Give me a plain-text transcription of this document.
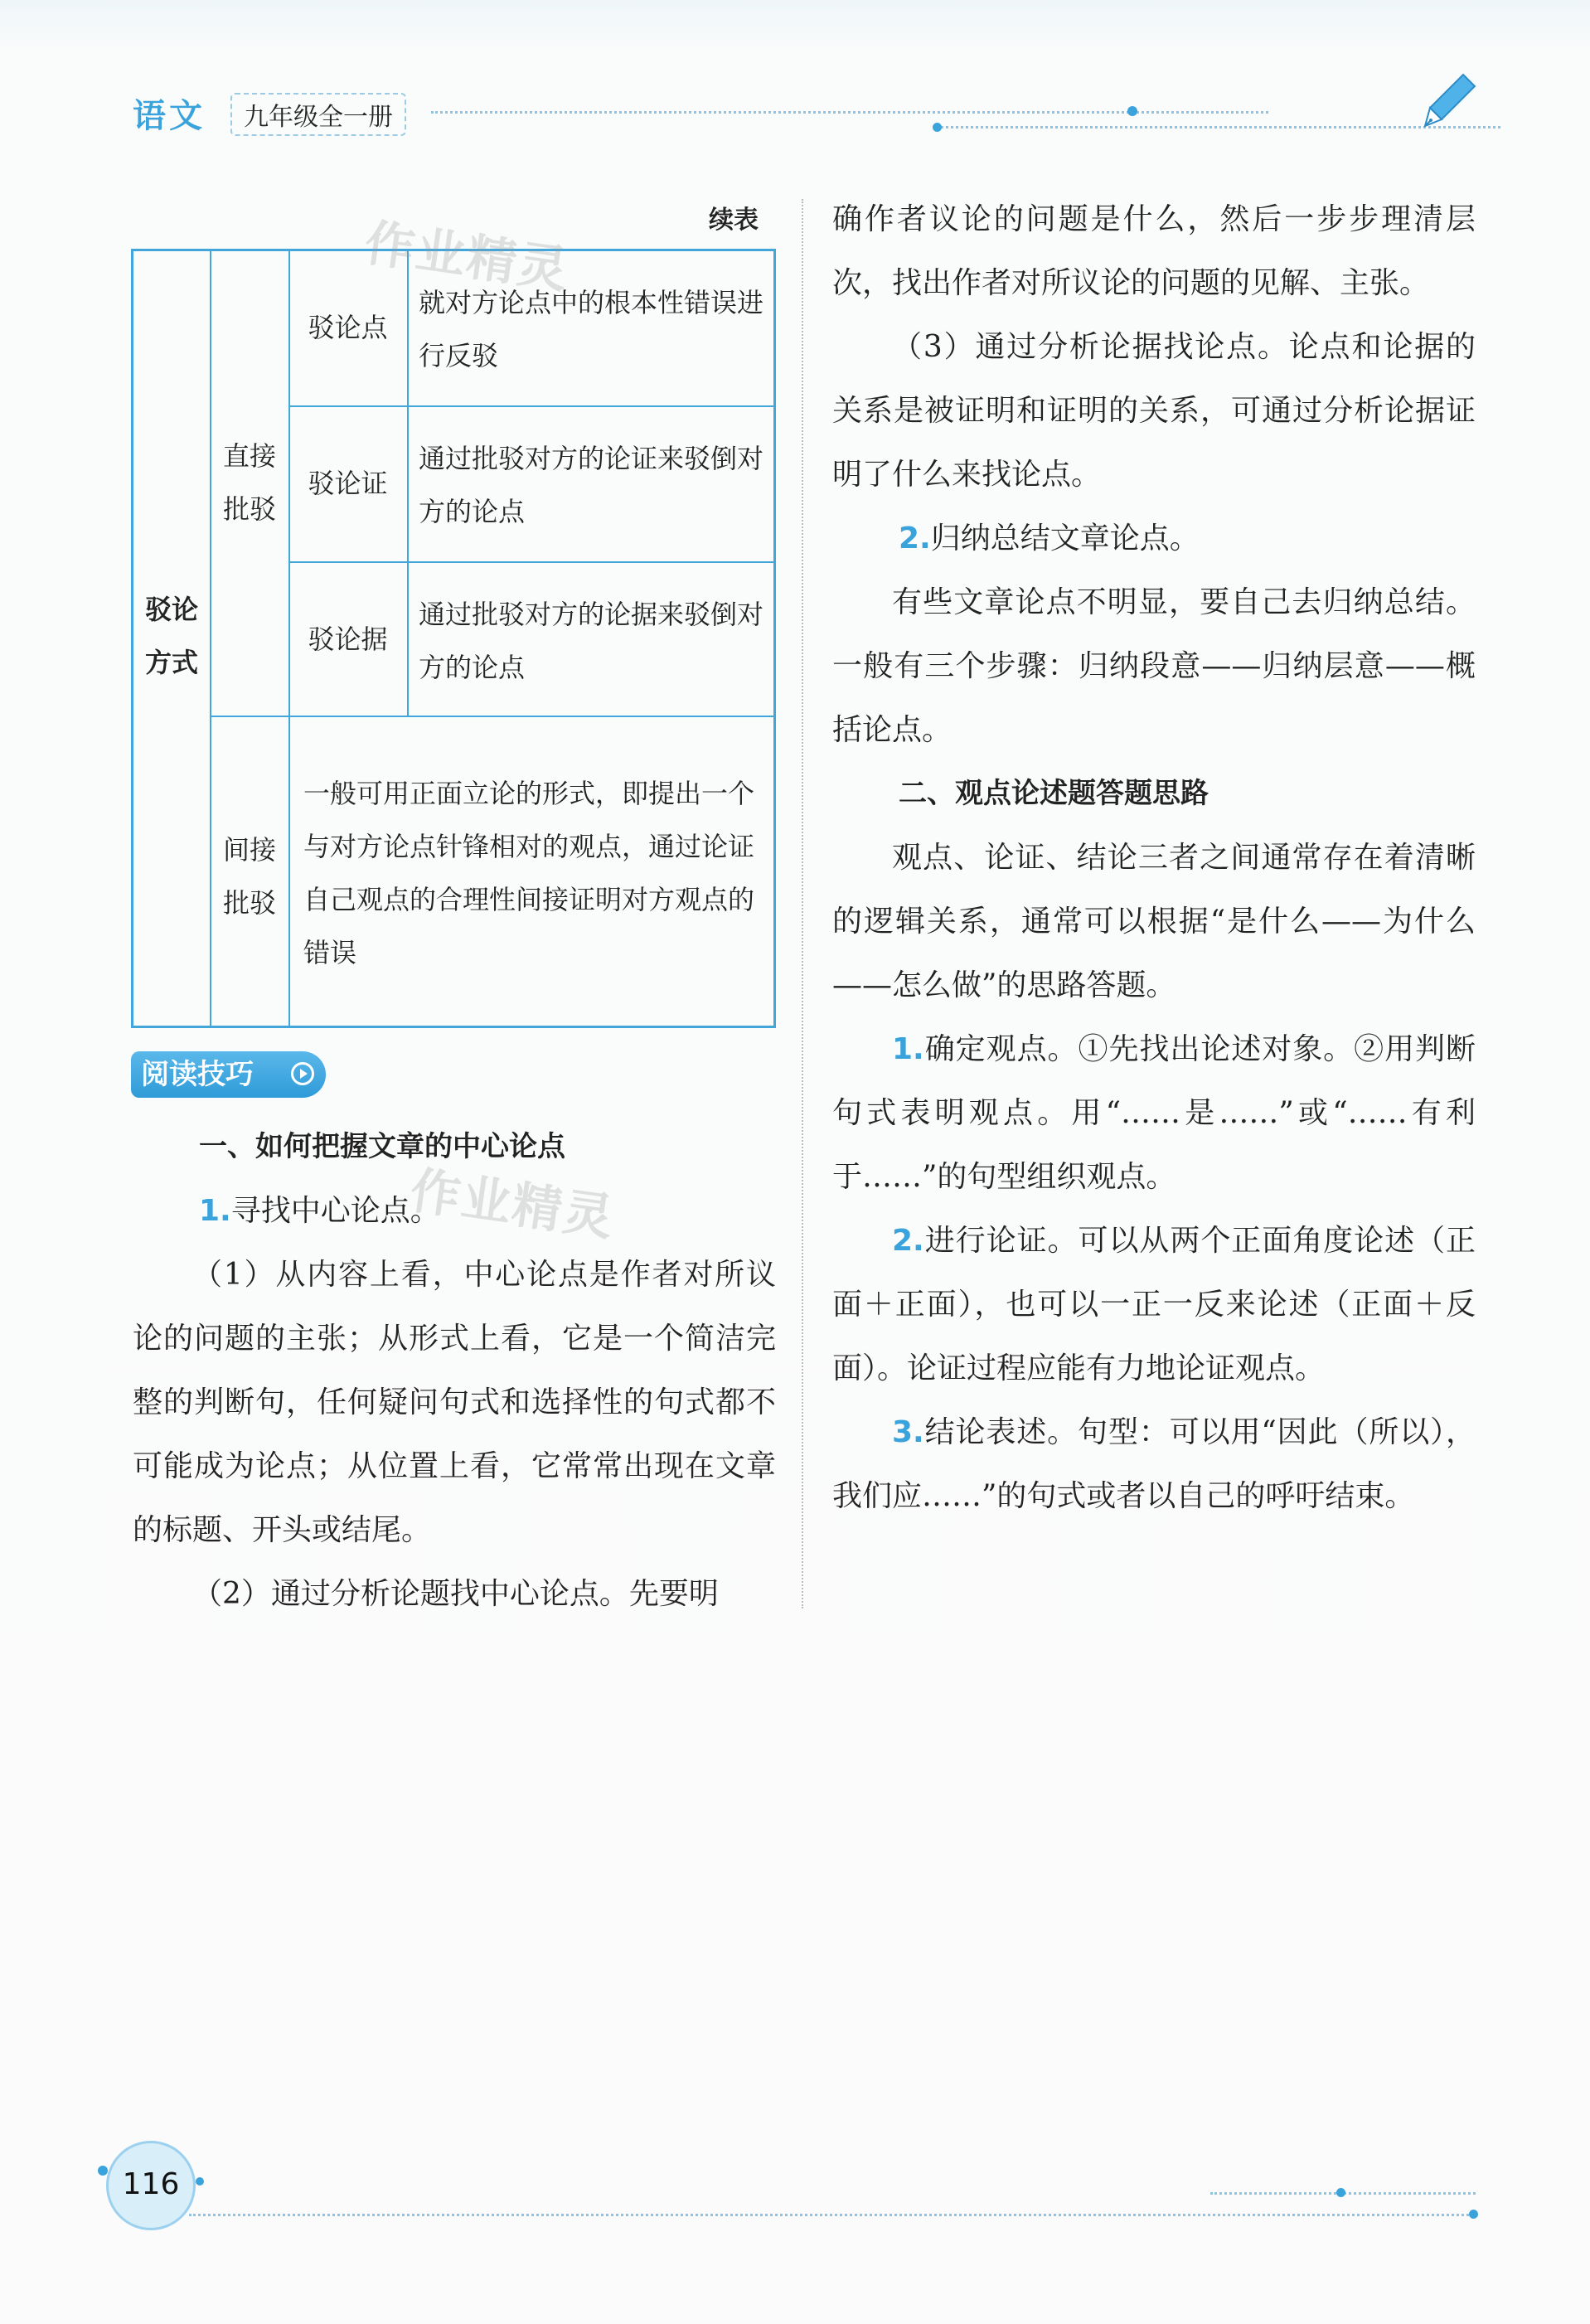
语文	九年级全一册
续表
驳论方式
直接批驳
驳论点
就对方论点中的根本性错误进行反驳
驳论证
通过批驳对方的论证来驳倒对方的论点
驳论据
通过批驳对方的论据来驳倒对方的论点
间接批驳
一般可用正面立论的形式，即提出一个与对方论点针锋相对的观点，通过论证自己观点的合理性间接证明对方观点的错误
作业精灵
作业精灵
阅读技巧
一、如何把握文章的中心论点
1.寻找中心论点。

（1）从内容上看，中心论点是作者对所议论的问题的主张；从形式上看，它是一个简洁完整的判断句，任何疑问句式和选择性的句式都不可能成为论点；从位置上看，它常常出现在文章的标题、开头或结尾。

（2）通过分析论题找中心论点。先要明

确作者议论的问题是什么，然后一步步理清层次，找出作者对所议论的问题的见解、主张。

（3）通过分析论据找论点。论点和论据的关系是被证明和证明的关系，可通过分析论据证明了什么来找论点。

2.归纳总结文章论点。

有些文章论点不明显，要自己去归纳总结。一般有三个步骤：归纳段意——归纳层意——概括论点。

二、观点论述题答题思路

观点、论证、结论三者之间通常存在着清晰的逻辑关系，通常可以根据“是什么——为什么——怎么做”的思路答题。

1.确定观点。①先找出论述对象。②用判断句式表明观点。用“……是……”或“……有利于……”的句型组织观点。

2.进行论证。可以从两个正面角度论述（正面＋正面），也可以一正一反来论述（正面＋反面）。论证过程应能有力地论证观点。

3.结论表述。句型：可以用“因此（所以），我们应……”的句式或者以自己的呼吁结束。

116
